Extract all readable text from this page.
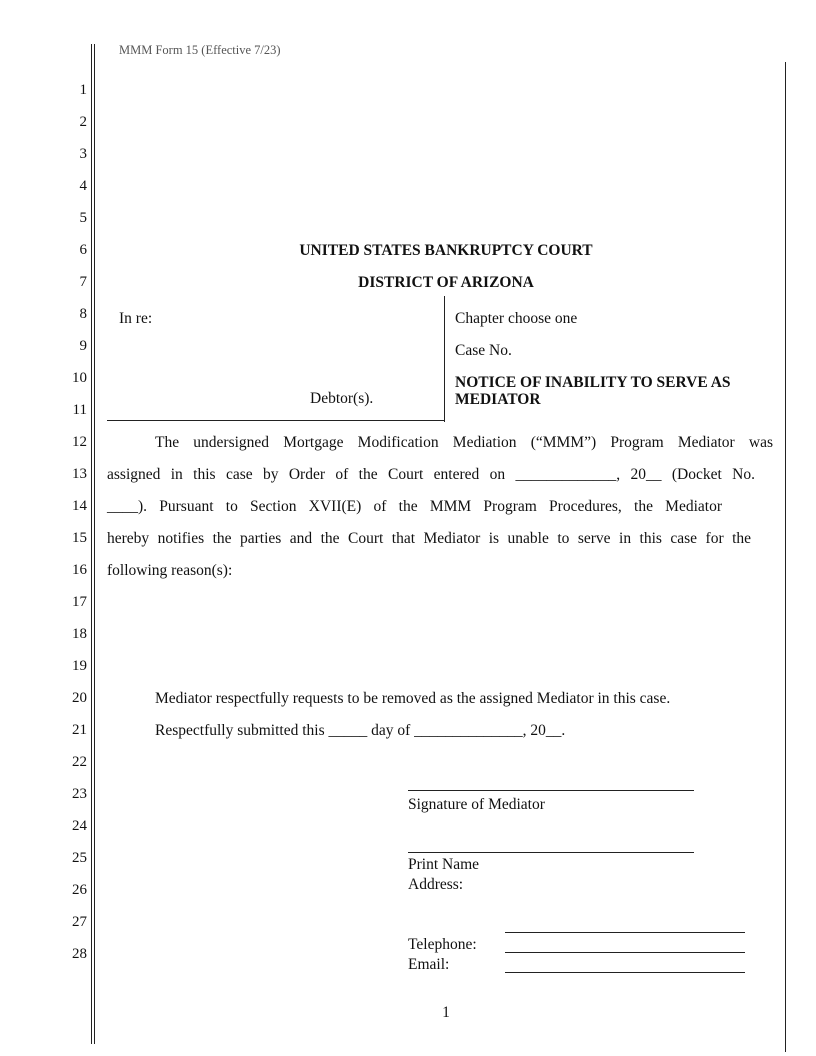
MMM Form 15 (Effective 7/23)
1
2
3
4
5
6
7
8
9
10
11
12
13
14
15
16
17
18
19
20
21
22
23
24
25
26
27
28
UNITED STATES BANKRUPTCY COURT
DISTRICT OF ARIZONA
In re:
Debtor(s).
Chapter choose one
Case No.
NOTICE OF INABILITY TO SERVE AS
MEDIATOR
The undersigned Mortgage Modification Mediation (“MMM”) Program Mediator was
assigned in this case by Order of the Court entered on _____________, 20__ (Docket No.
____). Pursuant to Section XVII(E) of the MMM Program Procedures, the Mediator
hereby notifies the parties and the Court that Mediator is unable to serve in this case for the
following reason(s):
Mediator respectfully requests to be removed as the assigned Mediator in this case.
Respectfully submitted this _____ day of ______________, 20__.
Signature of Mediator
Print Name
Address:
Telephone:
Email:
1
